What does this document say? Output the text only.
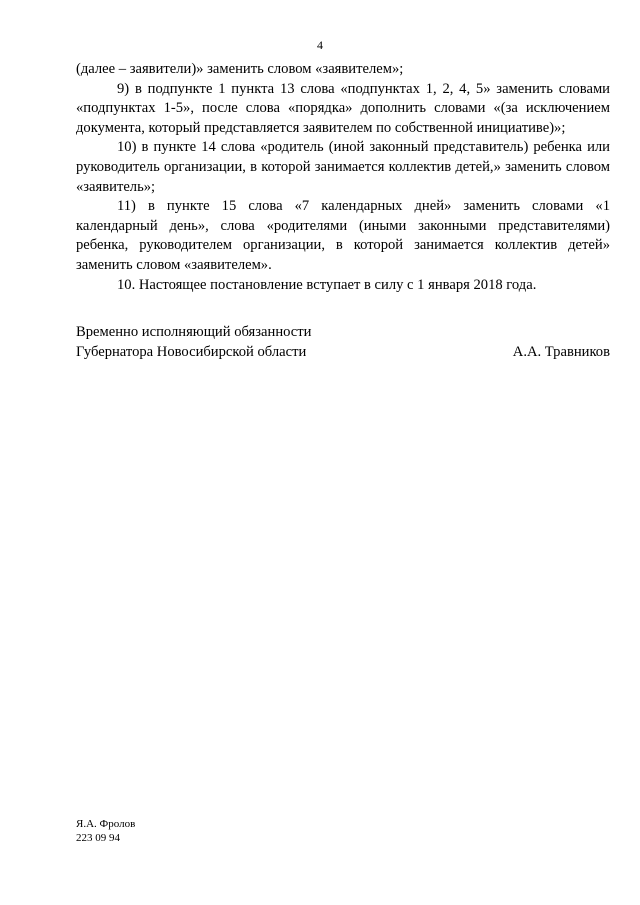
4

(далее – заявители)» заменить словом «заявителем»;

9) в подпункте 1 пункта 13 слова «подпунктах 1, 2, 4, 5» заменить словами «подпунктах 1-5», после слова «порядка» дополнить словами «(за исключением документа, который представляется заявителем по собственной инициативе)»;

10) в пункте 14 слова «родитель (иной законный представитель) ребенка или руководитель организации, в которой занимается коллектив детей,» заменить словом «заявитель»;

11) в пункте 15 слова «7 календарных дней» заменить словами «1 календарный день», слова «родителями (иными законными представителями) ребенка, руководителем организации, в которой занимается коллектив детей» заменить словом «заявителем».

10. Настоящее постановление вступает в силу с 1 января 2018 года.

Временно исполняющий обязанности
Губернатора Новосибирской области	А.А. Травников
Я.А. Фролов
223 09 94
